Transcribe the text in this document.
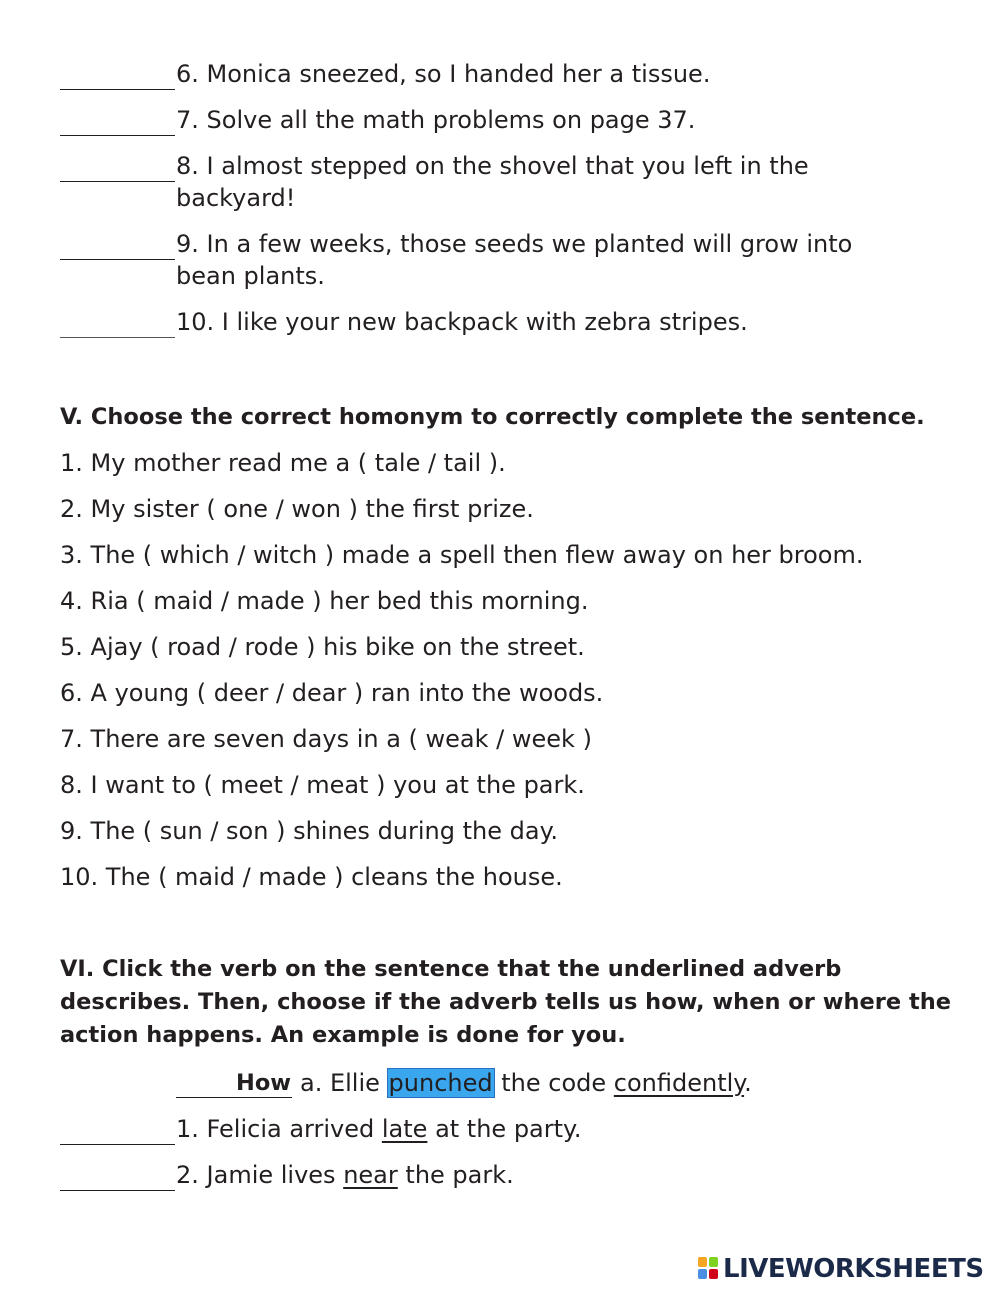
6. Monica sneezed, so I handed her a tissue.
7. Solve all the math problems on page 37.
8. I almost stepped on the shovel that you left in the
backyard!
9. In a few weeks, those seeds we planted will grow into
bean plants.
10. I like your new backpack with zebra stripes.
V. Choose the correct homonym to correctly complete the sentence.
1. My mother read me a ( tale / tail ).
2. My sister ( one / won ) the first prize.
3. The ( which / witch ) made a spell then flew away on her broom.
4. Ria ( maid / made ) her bed this morning.
5. Ajay ( road / rode ) his bike on the street.
6. A young ( deer / dear ) ran into the woods.
7. There are seven days in a ( weak / week )
8. I want to ( meet / meat ) you at the park.
9. The ( sun / son ) shines during the day.
10. The ( maid / made ) cleans the house.
VI. Click the verb on the sentence that the underlined adverb
describes. Then, choose if the adverb tells us how, when or where the
action happens. An example is done for you.
How a. Ellie punched the code confidently.
1. Felicia arrived late at the party.
2. Jamie lives near the park.
LIVEWORKSHEETS
